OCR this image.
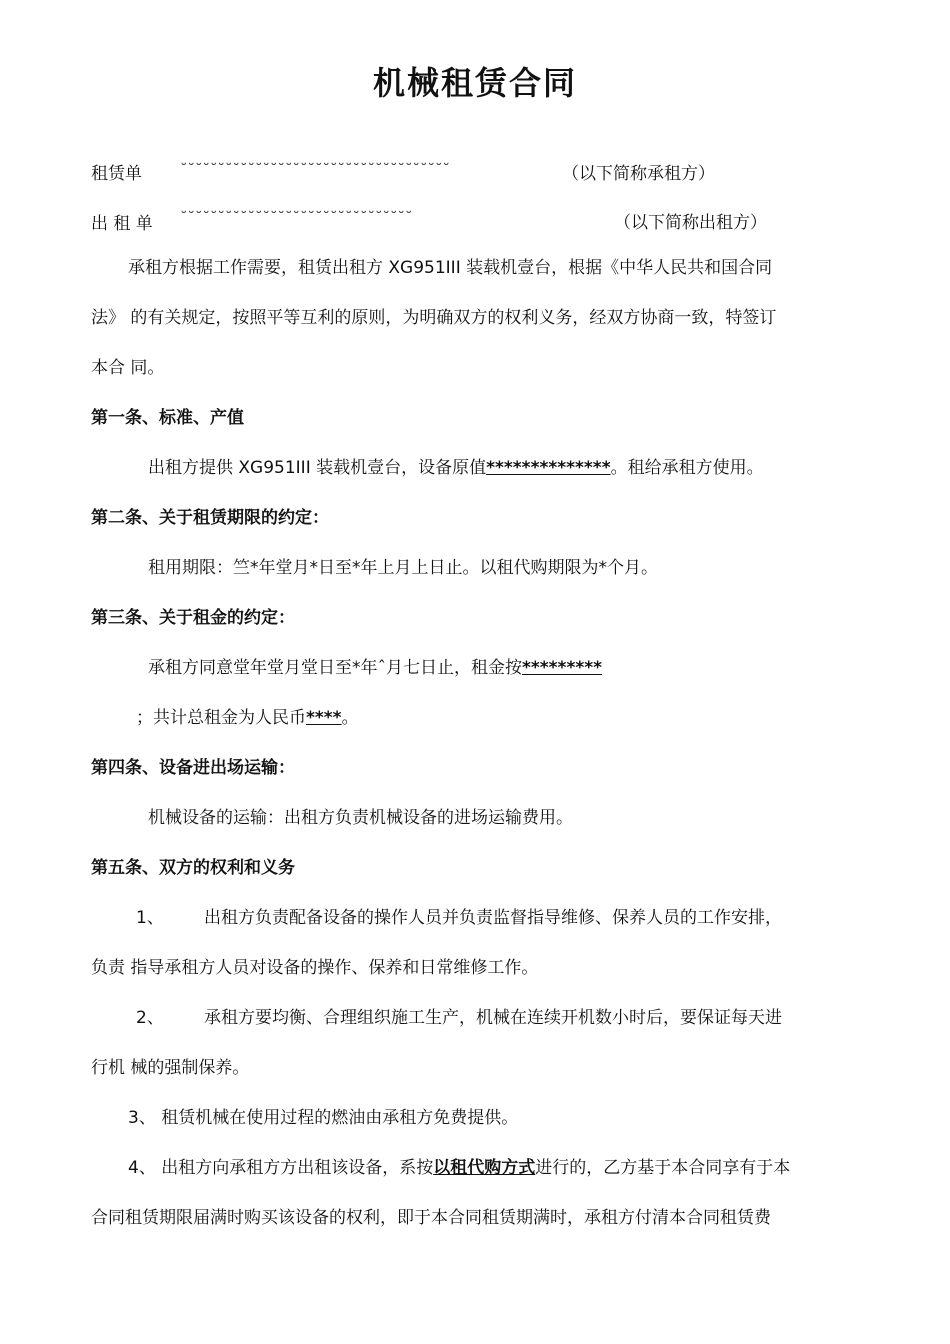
机械租赁合同
租赁单	˘˘˘˘˘˘˘˘˘˘˘˘˘˘˘˘˘˘˘˘˘˘˘˘˘˘˘˘˘˘˘˘˘˘˘˘	（以下简称承租方）
出 租 单 ˘˘˘˘˘˘˘˘˘˘˘˘˘˘˘˘˘˘˘˘˘˘˘˘˘˘˘˘˘˘˘	（以下简称出租方）
承租方根据工作需要，租赁出租方 XG951III 装载机壹台，根据《中华人民共和国合同
法》 的有关规定，按照平等互利的原则，为明确双方的权利义务，经双方协商一致，特签订
本合 同。
第一条、标准、产值
出租方提供 XG951III 装载机壹台，设备原值**************。租给承租方使用。
第二条、关于租赁期限的约定：
租用期限：竺*年堂月*日至*年上月上日止。以租代购期限为*个月。
第三条、关于租金的约定：
承租方同意堂年堂月堂日至*年ˆ月七日止，租金按*********
；共计总租金为人民币****。
第四条、设备进出场运输：
机械设备的运输：出租方负责机械设备的进场运输费用。
第五条、双方的权利和义务
1、 出租方负责配备设备的操作人员并负责监督指导维修、保养人员的工作安排，
负责 指导承租方人员对设备的操作、保养和日常维修工作。
2、 承租方要均衡、合理组织施工生产，机械在连续开机数小时后，要保证每天进
行机 械的强制保养。
3、 租赁机械在使用过程的燃油由承租方免费提供。
4、 出租方向承租方方出租该设备，系按以租代购方式进行的，乙方基于本合同享有于本
合同租赁期限届满时购买该设备的权利，即于本合同租赁期满时，承租方付清本合同租赁费
